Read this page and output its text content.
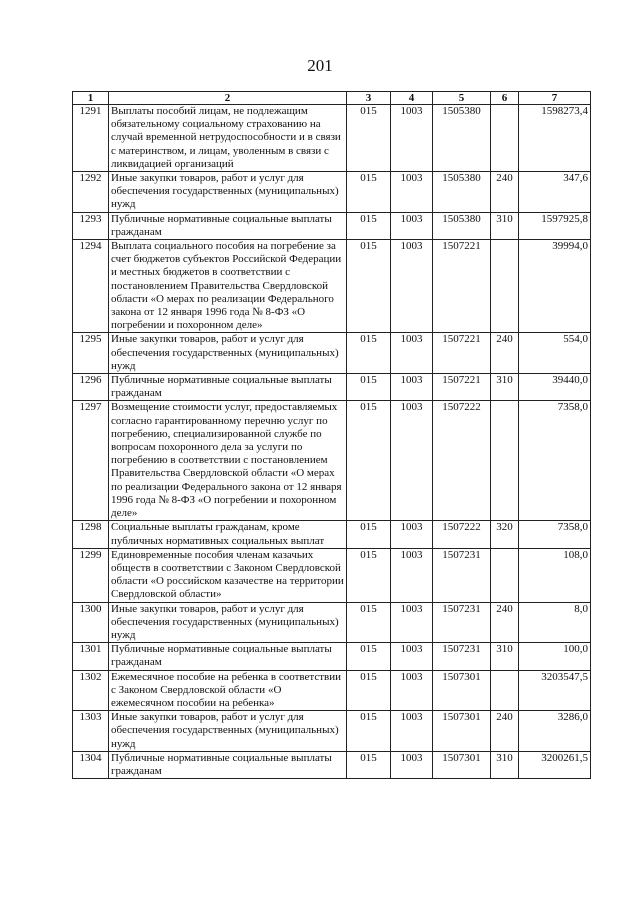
201
1	2	3	4	5	6	7
1291	Выплаты пособий лицам, не подлежащим обязательному социальному страхованию на случай временной нетрудоспособности и в связи с материнством, и лицам, уволенным в связи с ликвидацией организаций	015	1003	1505380		1598273,4
1292	Иные закупки товаров, работ и услуг для обеспечения государственных (муниципальных) нужд	015	1003	1505380	240	347,6
1293	Публичные нормативные социальные выплаты гражданам	015	1003	1505380	310	1597925,8
1294	Выплата социального пособия на погребение за счет бюджетов субъектов Российской Федерации и местных бюджетов в соответствии с постановлением Правительства Свердловской области «О мерах по реализации Федерального закона от 12 января 1996 года № 8-ФЗ «О погребении и похоронном деле»	015	1003	1507221		39994,0
1295	Иные закупки товаров, работ и услуг для обеспечения государственных (муниципальных) нужд	015	1003	1507221	240	554,0
1296	Публичные нормативные социальные выплаты гражданам	015	1003	1507221	310	39440,0
1297	Возмещение стоимости услуг, предоставляемых согласно гарантированному перечню услуг по погребению, специализированной службе по вопросам похоронного дела за услуги по погребению в соответствии с постановлением Правительства Свердловской области «О мерах по реализации Федерального закона от 12 января 1996 года № 8-ФЗ «О погребении и похоронном деле»	015	1003	1507222		7358,0
1298	Социальные выплаты гражданам, кроме публичных нормативных социальных выплат	015	1003	1507222	320	7358,0
1299	Единовременные пособия членам казачьих обществ в соответствии с Законом Свердловской области «О российском казачестве на территории Свердловской области»	015	1003	1507231		108,0
1300	Иные закупки товаров, работ и услуг для обеспечения государственных (муниципальных) нужд	015	1003	1507231	240	8,0
1301	Публичные нормативные социальные выплаты гражданам	015	1003	1507231	310	100,0
1302	Ежемесячное пособие на ребенка в соответствии с Законом Свердловской области «О ежемесячном пособии на ребенка»	015	1003	1507301		3203547,5
1303	Иные закупки товаров, работ и услуг для обеспечения государственных (муниципальных) нужд	015	1003	1507301	240	3286,0
1304	Публичные нормативные социальные выплаты гражданам	015	1003	1507301	310	3200261,5
